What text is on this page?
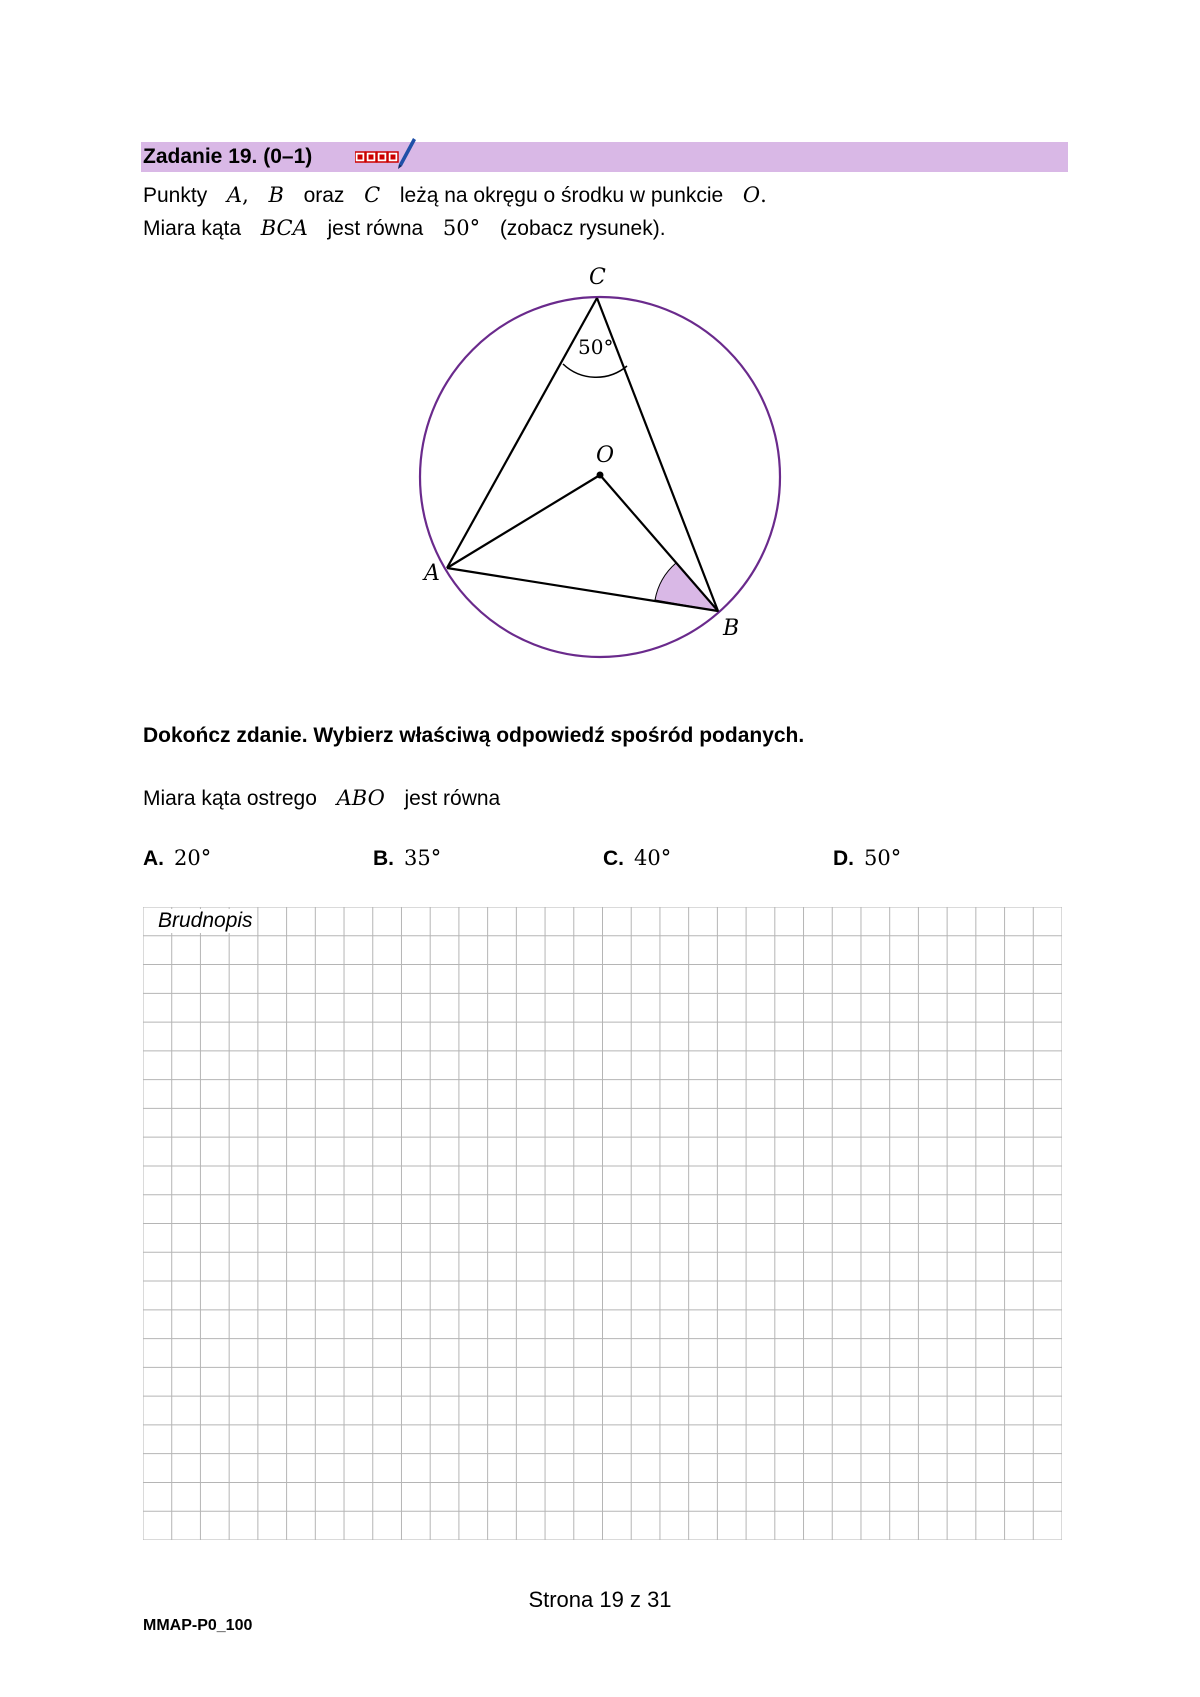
Zadanie 19. (0–1)
Punkty A, B oraz C leżą na okręgu o środku w punkcie O.
Miara kąta BCA jest równa 50° (zobacz rysunek).
C
O
A
B
50°
Dokończ zdanie. Wybierz właściwą odpowiedź spośród podanych.
Miara kąta ostrego ABO jest równa
A. 20°	B. 35°	C. 40°	D. 50°
Brudnopis
Strona 19 z 31
MMAP-P0_100
